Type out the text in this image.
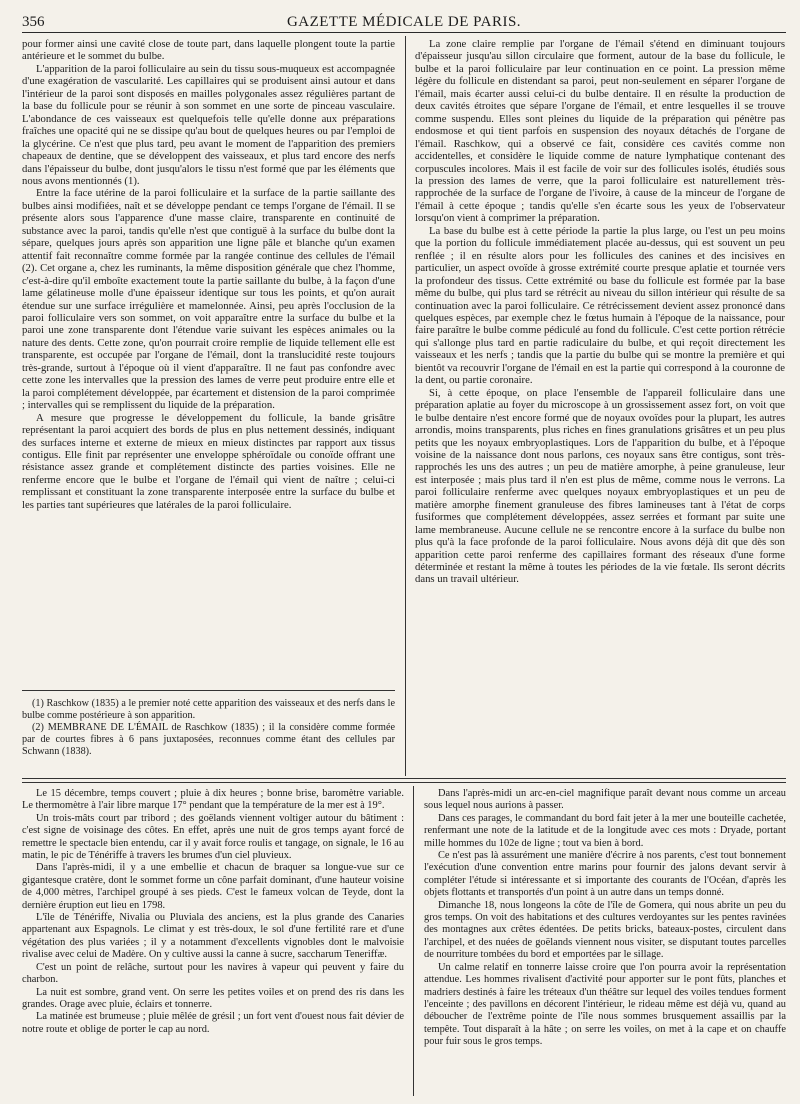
356	GAZETTE MÉDICALE DE PARIS.

pour former ainsi une cavité close de toute part, dans laquelle plongent toute la partie antérieure et le sommet du bulbe.

L'apparition de la paroi folliculaire au sein du tissu sous-muqueux est accompagnée d'une exagération de vascularité. Les capillaires qui se produisent ainsi autour et dans l'intérieur de la paroi sont disposés en mailles polygonales assez régulières partant de la base du follicule pour se réunir à son sommet en une sorte de pinceau vasculaire. L'abondance de ces vaisseaux est quelquefois telle qu'elle donne aux préparations fraîches une opacité qui ne se dissipe qu'au bout de quelques heures ou par l'emploi de la glycérine. Ce n'est que plus tard, peu avant le moment de l'apparition des premiers chapeaux de dentine, que se développent des vaisseaux, et plus tard encore des nerfs dans l'épaisseur du bulbe, dont jusqu'alors le tissu n'est formé que par les éléments que nous avons mentionnés (1).

Entre la face utérine de la paroi folliculaire et la surface de la partie saillante des bulbes ainsi modifiées, naît et se développe pendant ce temps l'organe de l'émail. Il se présente alors sous l'apparence d'une masse claire, transparente en continuité de substance avec la paroi, tandis qu'elle n'est que contiguë à la surface du bulbe dont la sépare, quelques jours après son apparition une ligne pâle et blanche qu'un examen attentif fait reconnaître comme formée par la rangée continue des cellules de l'émail (2). Cet organe a, chez les ruminants, la même disposition générale que chez l'homme, c'est-à-dire qu'il emboîte exactement toute la partie saillante du bulbe, à la façon d'une lame gélatineuse molle d'une épaisseur identique sur tous les points, et qu'on aurait étendue sur une surface irrégulière et mamelonnée. Ainsi, peu après l'occlusion de la paroi folliculaire vers son sommet, on voit apparaître entre la surface du bulbe et la paroi une zone transparente dont l'étendue varie suivant les espèces animales ou la nature des dents. Cette zone, qu'on pourrait croire remplie de liquide tellement elle est transparente, est occupée par l'organe de l'émail, dont la translucidité reste toujours très-grande, surtout à l'époque où il vient d'apparaître. Il ne faut pas confondre avec cette zone les intervalles que la pression des lames de verre peut produire entre elle et la paroi complétement développée, par écartement et distension de la paroi comprimée ; intervalles qui se remplissent du liquide de la préparation.

A mesure que progresse le développement du follicule, la bande grisâtre représentant la paroi acquiert des bords de plus en plus nettement dessinés, indiquant des surfaces interne et externe de mieux en mieux distinctes par rapport aux tissus contigus. Elle finit par représenter une enveloppe sphéroïdale ou conoïde offrant une résistance assez grande et complétement distincte des parties voisines. Elle ne renferme encore que le bulbe et l'organe de l'émail qui vient de naître ; celui-ci remplissant et constituant la zone transparente interposée entre la surface du bulbe et les parties tant supérieures que latérales de la paroi folliculaire.

(1) Raschkow (1835) a le premier noté cette apparition des vaisseaux et des nerfs dans le bulbe comme postérieure à son apparition.

(2) MEMBRANE DE L'ÉMAIL de Raschkow (1835) ; il la considère comme formée par de courtes fibres à 6 pans juxtaposées, reconnues comme étant des cellules par Schwann (1838).

La zone claire remplie par l'organe de l'émail s'étend en diminuant toujours d'épaisseur jusqu'au sillon circulaire que forment, autour de la base du follicule, le bulbe et la paroi folliculaire par leur continuation en ce point. La pression même légère du follicule en distendant sa paroi, peut non-seulement en séparer l'organe de l'émail, mais écarter aussi celui-ci du bulbe dentaire. Il en résulte la production de deux cavités étroites que sépare l'organe de l'émail, et entre lesquelles il se trouve comme suspendu. Elles sont pleines du liquide de la préparation qui pénètre pas endosmose et qui tient parfois en suspension des noyaux détachés de l'organe de l'émail. Raschkow, qui a observé ce fait, considère ces cavités comme non accidentelles, et considère le liquide comme de nature lymphatique contenant des corpuscules incolores. Mais il est facile de voir sur des follicules isolés, étudiés sous la pression des lames de verre, que la paroi folliculaire est naturellement très-rapprochée de la surface de l'organe de l'ivoire, à cause de la minceur de l'organe de l'émail à cette époque ; tandis qu'elle s'en écarte sous les yeux de l'observateur lorsqu'on vient à comprimer la préparation.

La base du bulbe est à cette période la partie la plus large, ou l'est un peu moins que la portion du follicule immédiatement placée au-dessus, qui est souvent un peu renflée ; il en résulte alors pour les follicules des canines et des incisives en particulier, un aspect ovoïde à grosse extrémité courte presque aplatie et tournée vers la profondeur des tissus. Cette extrémité ou base du follicule est formée par la base même du bulbe, qui plus tard se rétrécit au niveau du sillon intérieur qui résulte de sa continuation avec la paroi folliculaire. Ce rétrécissement devient assez prononcé dans quelques espèces, par exemple chez le fœtus humain à l'époque de la naissance, pour faire paraître le bulbe comme pédiculé au fond du follicule. C'est cette portion rétrécie qui s'allonge plus tard en partie radiculaire du bulbe, et qui reçoit directement les vaisseaux et les nerfs ; tandis que la partie du bulbe qui se montre la première et qui bientôt va recouvrir l'organe de l'émail en est la partie qui correspond à la couronne de la dent, ou partie coronaire.

Si, à cette époque, on place l'ensemble de l'appareil folliculaire dans une préparation aplatie au foyer du microscope à un grossissement assez fort, on voit que le bulbe dentaire n'est encore formé que de noyaux ovoïdes pour la plupart, les autres arrondis, moins transparents, plus riches en fines granulations grisâtres et un peu plus petits que les noyaux embryoplastiques. Lors de l'apparition du bulbe, et à l'époque voisine de la naissance dont nous parlons, ces noyaux sans être contigus, sont très-rapprochés les uns des autres ; un peu de matière amorphe, à peine granuleuse, leur est interposée ; mais plus tard il n'en est plus de même, comme nous le verrons. La paroi folliculaire renferme avec quelques noyaux embryoplastiques et un peu de matière amorphe finement granuleuse des fibres lamineuses tant à l'état de corps fusiformes que complétement développées, assez serrées et formant par suite une lame membraneuse. Aucune cellule ne se rencontre encore à la surface du bulbe non plus qu'à la face profonde de la paroi folliculaire. Nous avons déjà dit que dès son apparition cette paroi renferme des capillaires formant des réseaux d'une forme déterminée et restant la même à toutes les périodes de la vie fœtale. Ils seront décrits dans un travail ultérieur.

Le 15 décembre, temps couvert ; pluie à dix heures ; bonne brise, baromètre variable. Le thermomètre à l'air libre marque 17° pendant que la température de la mer est à 19°.

Un trois-mâts court par tribord ; des goëlands viennent voltiger autour du bâtiment : c'est signe de voisinage des côtes. En effet, après une nuit de gros temps ayant forcé de remettre le spectacle bien entendu, car il y avait force roulis et tangage, on signale, le 16 au matin, le pic de Ténériffe à travers les brumes d'un ciel pluvieux.

Dans l'après-midi, il y a une embellie et chacun de braquer sa longue-vue sur ce gigantesque cratère, dont le sommet forme un cône parfait dominant, d'une hauteur voisine de 4,000 mètres, l'archipel groupé à ses pieds. C'est le fameux volcan de Teyde, dont la dernière éruption eut lieu en 1798.

L'île de Ténériffe, Nivalia ou Pluviala des anciens, est la plus grande des Canaries appartenant aux Espagnols. Le climat y est très-doux, le sol d'une fertilité rare et d'une végétation des plus variées ; il y a notamment d'excellents vignobles dont le malvoisie rivalise avec celui de Madère. On y cultive aussi la canne à sucre, saccharum Teneriffæ.

C'est un point de relâche, surtout pour les navires à vapeur qui peuvent y faire du charbon.

La nuit est sombre, grand vent. On serre les petites voiles et on prend des ris dans les grandes. Orage avec pluie, éclairs et tonnerre.

La matinée est brumeuse ; pluie mêlée de grésil ; un fort vent d'ouest nous fait dévier de notre route et oblige de porter le cap au nord.

Dans l'après-midi un arc-en-ciel magnifique paraît devant nous comme un arceau sous lequel nous aurions à passer.

Dans ces parages, le commandant du bord fait jeter à la mer une bouteille cachetée, renfermant une note de la latitude et de la longitude avec ces mots : Dryade, portant mille hommes du 102e de ligne ; tout va bien à bord.

Ce n'est pas là assurément une manière d'écrire à nos parents, c'est tout bonnement l'exécution d'une convention entre marins pour fournir des jalons devant servir à compléter l'étude si intéressante et si importante des courants de l'Océan, d'après les objets flottants et transportés d'un point à un autre dans un temps donné.

Dimanche 18, nous longeons la côte de l'île de Gomera, qui nous abrite un peu du gros temps. On voit des habitations et des cultures verdoyantes sur les pentes ravinées des montagnes aux crêtes édentées. De petits bricks, bateaux-postes, circulent dans l'archipel, et des nuées de goëlands viennent nous visiter, se disputant toutes parcelles de nourriture tombées du bord et emportées par le sillage.

Un calme relatif en tonnerre laisse croire que l'on pourra avoir la représentation attendue. Les hommes rivalisent d'activité pour apporter sur le pont fûts, planches et madriers destinés à faire les tréteaux d'un théâtre sur lequel des voiles tendues forment l'enceinte ; des pavillons en décorent l'intérieur, le rideau même est déjà vu, quand au déboucher de l'extrême pointe de l'île nous sommes brusquement assaillis par la tempête. Tout disparaît à la hâte ; on serre les voiles, on met à la cape et on chauffe pour fuir sous le gros temps.
